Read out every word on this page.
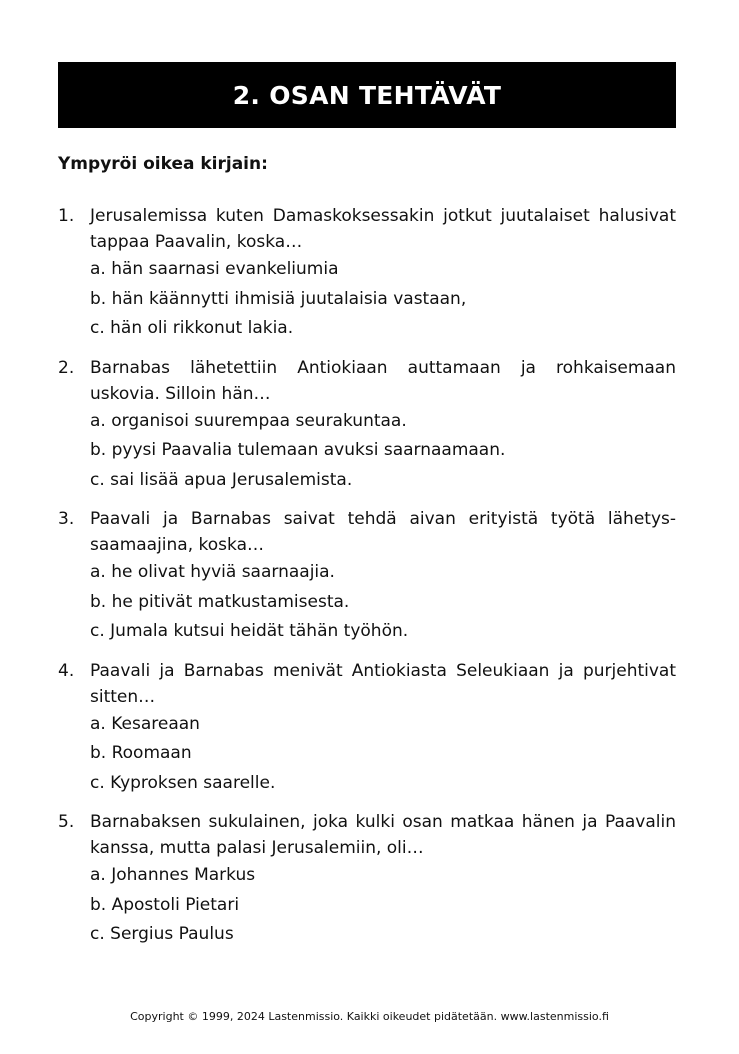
2. OSAN TEHTÄVÄT
Ympyröi oikea kirjain:
1. Jerusalemissa kuten Damaskoksessakin jotkut juutalaiset halusivat tappaa Paavalin, koska…
a. hän saarnasi evankeliumia
b. hän käännytti ihmisiä juutalaisia vastaan,
c. hän oli rikkonut lakia.
2. Barnabas lähetettiin Antiokiaan auttamaan ja rohkaisemaan uskovia. Silloin hän…
a. organisoi suurempaa seurakuntaa.
b. pyysi Paavalia tulemaan avuksi saarnaamaan.
c. sai lisää apua Jerusalemista.
3. Paavali ja Barnabas saivat tehdä aivan erityistä työtä lähetys-saamaajina, koska…
a. he olivat hyviä saarnaajia.
b. he pitivät matkustamisesta.
c. Jumala kutsui heidät tähän työhön.
4. Paavali ja Barnabas menivät Antiokiasta Seleukiaan ja purjehtivat sitten…
a. Kesareaan
b. Roomaan
c. Kyproksen saarelle.
5. Barnabaksen sukulainen, joka kulki osan matkaa hänen ja Paavalin kanssa, mutta palasi Jerusalemiin, oli…
a. Johannes Markus
b. Apostoli Pietari
c. Sergius Paulus
Copyright © 1999, 2024 Lastenmissio. Kaikki oikeudet pidätetään. www.lastenmissio.fi
